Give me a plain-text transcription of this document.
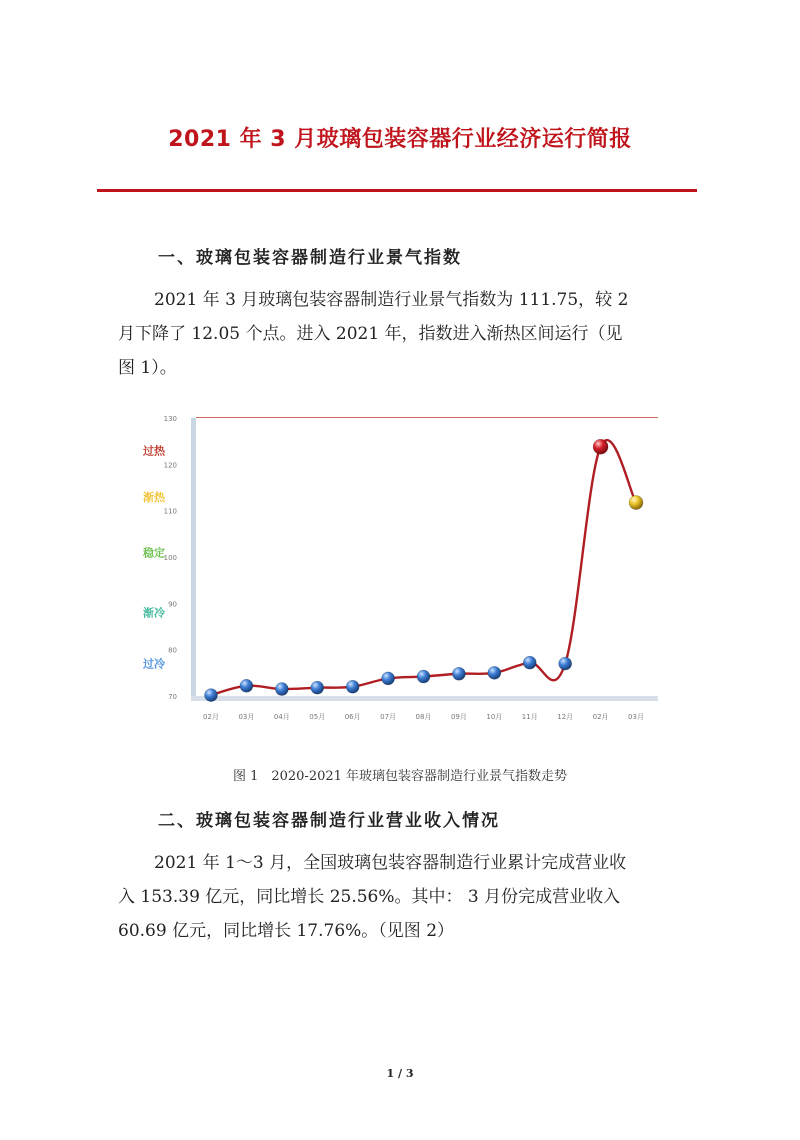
2021 年 3 月玻璃包装容器行业经济运行简报
一、玻璃包装容器制造行业景气指数
2021 年 3 月玻璃包装容器制造行业景气指数为 111.75，较 2
月下降了 12.05 个点。进入 2021 年，指数进入渐热区间运行（见
图 1）。
过热
渐热
稳定
渐冷
过冷
70
80
90
100
110
120
130
02月	03月	04月	05月	06月	07月	08月	09月	10月	11月	12月	02月	03月
图 1　2020-2021 年玻璃包装容器制造行业景气指数走势
二、玻璃包装容器制造行业营业收入情况
2021 年 1～3 月，全国玻璃包装容器制造行业累计完成营业收
入 153.39 亿元，同比增长 25.56%。其中： 3 月份完成营业收入
60.69 亿元，同比增长 17.76%。（见图 2）
1 / 3
